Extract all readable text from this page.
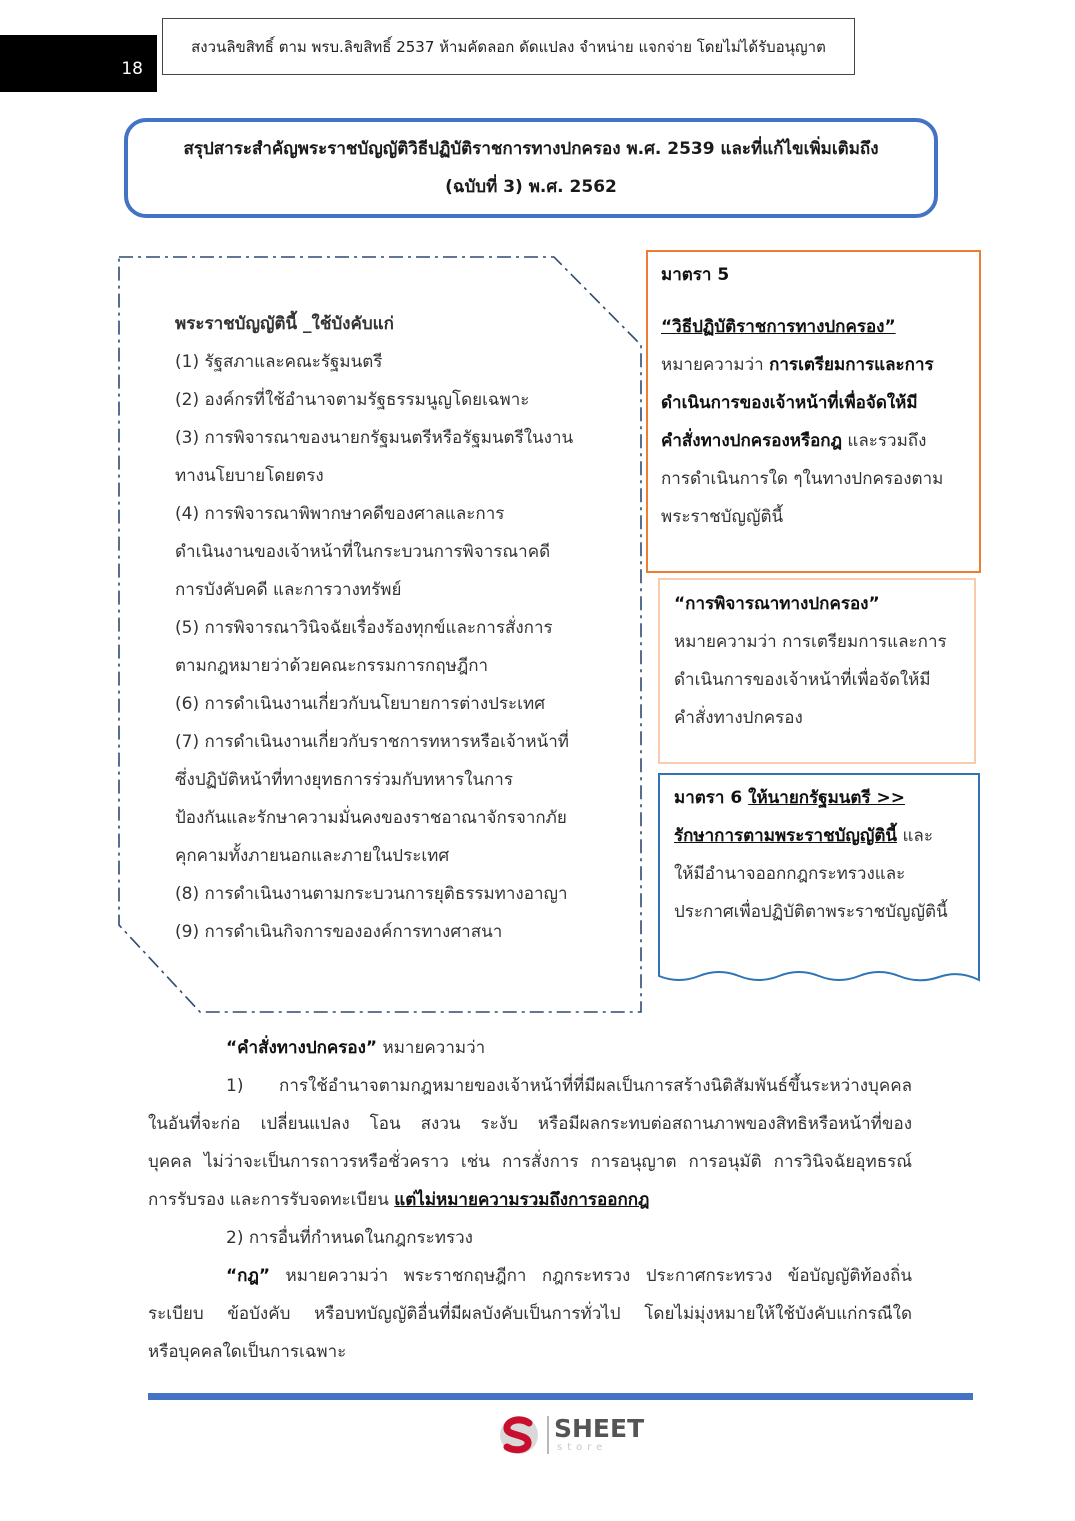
18
สงวนลิขสิทธิ์ ตาม พรบ.ลิขสิทธิ์ 2537 ห้ามคัดลอก ดัดแปลง จำหน่าย แจกจ่าย โดยไม่ได้รับอนุญาต
สรุปสาระสำคัญพระราชบัญญัติวิธีปฏิบัติราชการทางปกครอง พ.ศ. 2539 และที่แก้ไขเพิ่มเติมถึง
(ฉบับที่ 3) พ.ศ. 2562
พระราชบัญญัตินี้ _ใช้บังคับแก่
(1) รัฐสภาและคณะรัฐมนตรี
(2) องค์กรที่ใช้อำนาจตามรัฐธรรมนูญโดยเฉพาะ
(3) การพิจารณาของนายกรัฐมนตรีหรือรัฐมนตรีในงาน
ทางนโยบายโดยตรง
(4) การพิจารณาพิพากษาคดีของศาลและการ
ดำเนินงานของเจ้าหน้าที่ในกระบวนการพิจารณาคดี
การบังคับคดี และการวางทรัพย์
(5) การพิจารณาวินิจฉัยเรื่องร้องทุกข์และการสั่งการ
ตามกฎหมายว่าด้วยคณะกรรมการกฤษฎีกา
(6) การดำเนินงานเกี่ยวกับนโยบายการต่างประเทศ
(7) การดำเนินงานเกี่ยวกับราชการทหารหรือเจ้าหน้าที่
ซึ่งปฏิบัติหน้าที่ทางยุทธการร่วมกับทหารในการ
ป้องกันและรักษาความมั่นคงของราชอาณาจักรจากภัย
คุกคามทั้งภายนอกและภายในประเทศ
(8) การดำเนินงานตามกระบวนการยุติธรรมทางอาญา
(9) การดำเนินกิจการขององค์การทางศาสนา
มาตรา 5
“วิธีปฏิบัติราชการทางปกครอง”
หมายความว่า การเตรียมการและการ
ดำเนินการของเจ้าหน้าที่เพื่อจัดให้มี
คำสั่งทางปกครองหรือกฎ และรวมถึง
การดำเนินการใด ๆในทางปกครองตาม
พระราชบัญญัตินี้
“การพิจารณาทางปกครอง”
หมายความว่า การเตรียมการและการ
ดำเนินการของเจ้าหน้าที่เพื่อจัดให้มี
คำสั่งทางปกครอง
มาตรา 6 ให้นายกรัฐมนตรี >>
รักษาการตามพระราชบัญญัตินี้ และ
ให้มีอำนาจออกกฎกระทรวงและ
ประกาศเพื่อปฏิบัติตาพระราชบัญญัตินี้
“คำสั่งทางปกครอง” หมายความว่า
1) การใช้อำนาจตามกฎหมายของเจ้าหน้าที่ที่มีผลเป็นการสร้างนิติสัมพันธ์ขึ้นระหว่างบุคคล
ในอันที่จะก่อ เปลี่ยนแปลง โอน สงวน ระงับ หรือมีผลกระทบต่อสถานภาพของสิทธิหรือหน้าที่ของ
บุคคล ไม่ว่าจะเป็นการถาวรหรือชั่วคราว เช่น การสั่งการ การอนุญาต การอนุมัติ การวินิจฉัยอุทธรณ์
การรับรอง และการรับจดทะเบียน แต่ไม่หมายความรวมถึงการออกกฎ
2) การอื่นที่กำหนดในกฎกระทรวง
“กฎ” หมายความว่า พระราชกฤษฎีกา กฎกระทรวง ประกาศกระทรวง ข้อบัญญัติท้องถิ่น
ระเบียบ ข้อบังคับ หรือบทบัญญัติอื่นที่มีผลบังคับเป็นการทั่วไป โดยไม่มุ่งหมายให้ใช้บังคับแก่กรณีใด
หรือบุคคลใดเป็นการเฉพาะ
SHEET
store
